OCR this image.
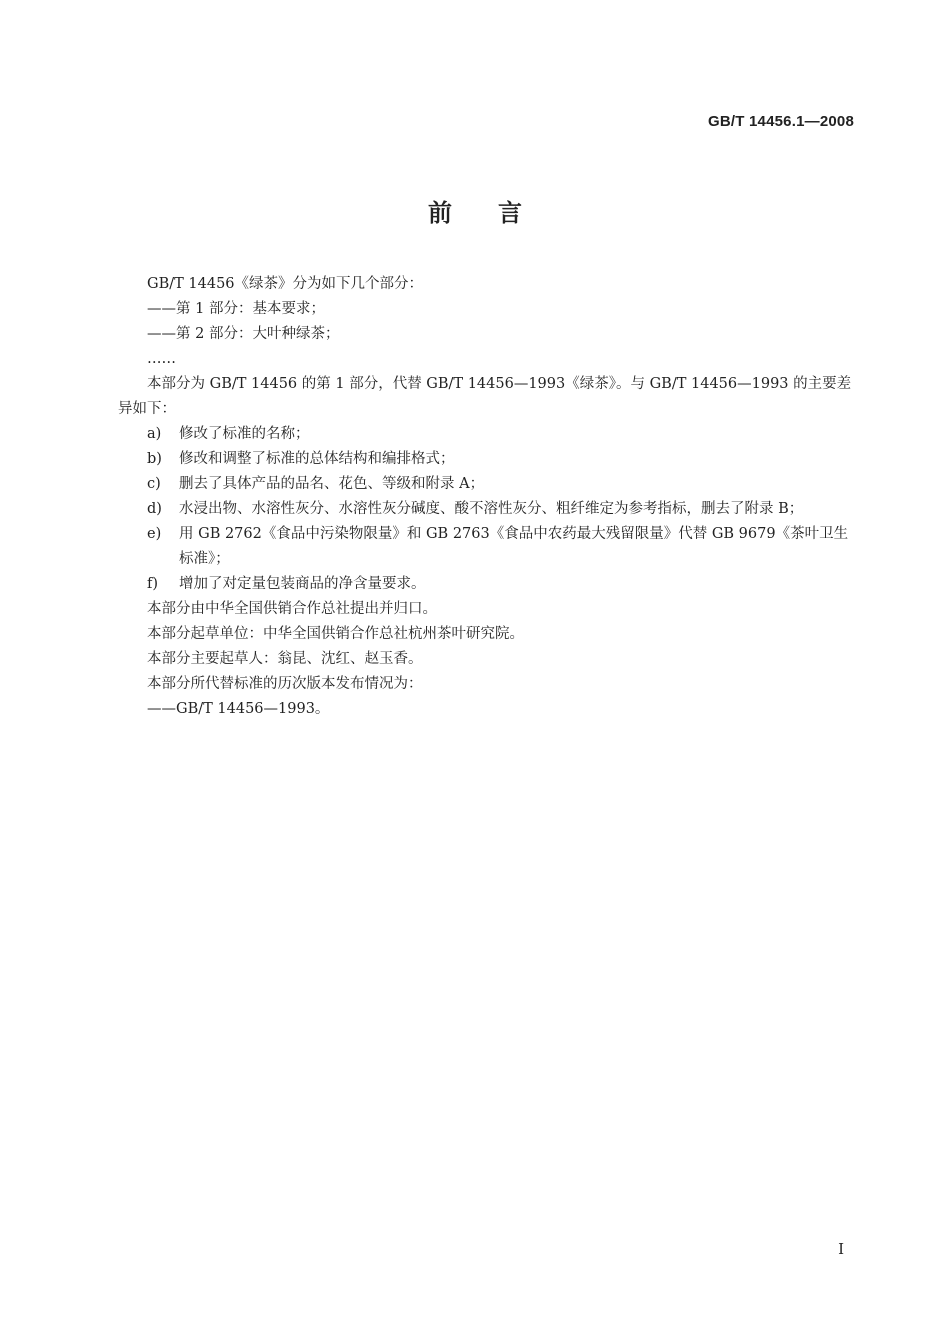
GB/T 14456.1—2008
前言

GB/T 14456《绿茶》分为如下几个部分：

——第 1 部分：基本要求；

——第 2 部分：大叶种绿茶；

……

本部分为 GB/T 14456 的第 1 部分，代替 GB/T 14456—1993《绿茶》。与 GB/T 14456—1993 的主要差异如下：

a)	修改了标准的名称；
b)	修改和调整了标准的总体结构和编排格式；
c)	删去了具体产品的品名、花色、等级和附录 A；
d)	水浸出物、水溶性灰分、水溶性灰分碱度、酸不溶性灰分、粗纤维定为参考指标，删去了附录 B；
e)	用 GB 2762《食品中污染物限量》和 GB 2763《食品中农药最大残留限量》代替 GB 9679《茶叶卫生标准》；
f)	增加了对定量包装商品的净含量要求。

本部分由中华全国供销合作总社提出并归口。

本部分起草单位：中华全国供销合作总社杭州茶叶研究院。

本部分主要起草人：翁昆、沈红、赵玉香。

本部分所代替标准的历次版本发布情况为：

——GB/T 14456—1993。

I
